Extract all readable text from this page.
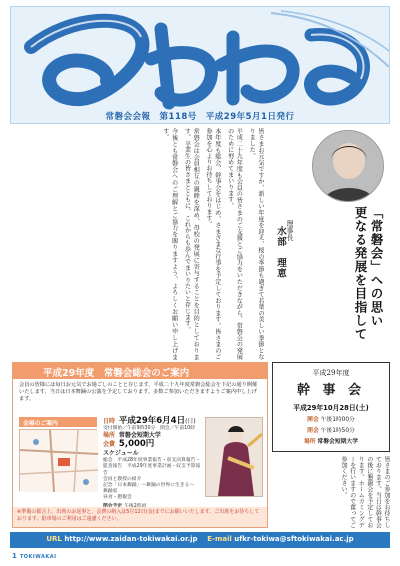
常磐会会報　第118号　平成29年5月1日発行

皆さまお元気ですか。新しい年度を迎え、桜の季節も過ぎて若葉の美しい季節となりました。

平成二十九年度も会員の皆さまのご支援とご協力をいただきながら、常磐会の発展のために努めてまいります。

本年度も総会、幹事会をはじめ、さまざまな行事を予定しております。皆さまのご参加を心よりお待ちしております。

常磐会は会員相互の親睦を深め、母校の発展に寄与することを目的としております。卒業生の皆さまとともに、これからも歩んでまいりたいと存じます。

今後とも常磐会へのご理解とご協力を賜りますよう、よろしくお願い申し上げます。

「常磐会」への思い
更なる発展を目指して
理事長
水部　理恵
平成29年度　常磐会総会のご案内
会員の皆様には毎日お元気でお過ごしのことと存じます。平成二十九年度常磐会総会を下記の通り開催いたします。当日は日本舞踊の公演を予定しております。多数ご参加いただきますようご案内申し上げます。
会場のご案内	日時 平成29年6月4日(日)
受付開始／午前9時30分　開会／午前10時
場所 常磐会短期大学
会費 5,000円
スケジュール
総会　平成28年度事業報告・収支決算報告・監査報告　平成29年度事業計画・収支予算報告
会員と教授の紹介
記念「日本舞踊」〜舞踊の世界に生きる〜　舞踊家
昼食・懇親会
※準備の都合上、出席のお返事と、会費の納入は5月12日(金)までにお願いいたします。ご出席をお待ちしております。駐車場のご利用はご遠慮ください。
平成29年度
幹 事 会
平成29年10月28日(土)
開会 午後1時00分
閉会 午後1時50分
場所 常磐会短期大学
皆さまのご参加をお待ちしております。当日は幹事会の後に懇親会を予定しております。ホームカミングデーを行いますので奮ってご参加ください。
URL http://www.zaidan-tokiwakai.or.jp E-mail ufkr-tokiwa@sftokiwakai.ac.jp
1 TOKIWAKAI
